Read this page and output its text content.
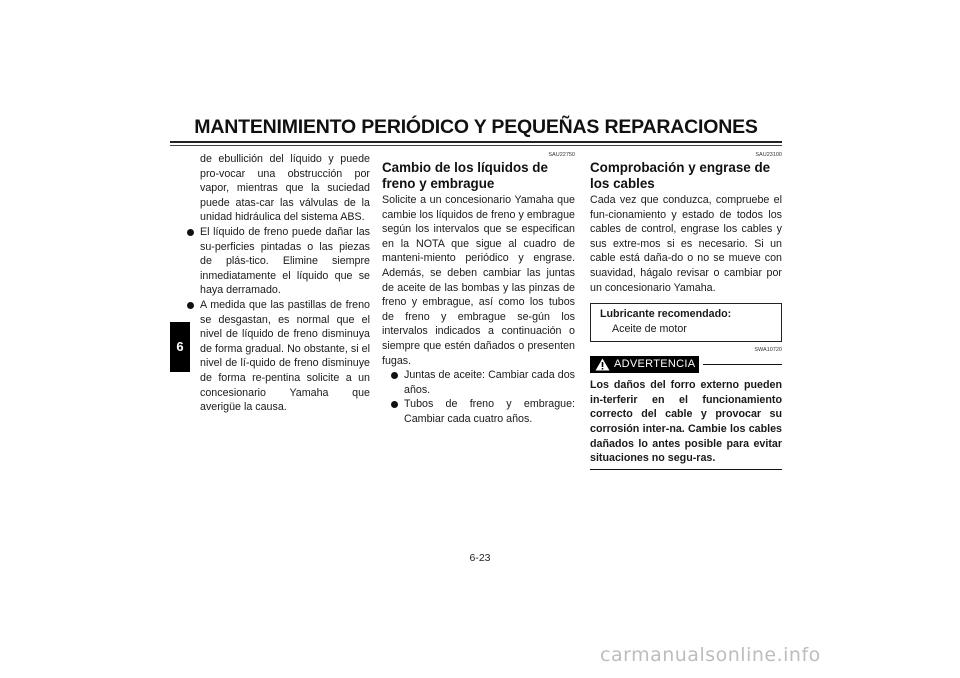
MANTENIMIENTO PERIÓDICO Y PEQUEÑAS REPARACIONES
6

de ebullición del líquido y puede pro-vocar una obstrucción por vapor, mientras que la suciedad puede atas-car las válvulas de la unidad hidráulica del sistema ABS.

El líquido de freno puede dañar las su-perficies pintadas o las piezas de plás-tico. Elimine siempre inmediatamente el líquido que se haya derramado.
A medida que las pastillas de freno se desgastan, es normal que el nivel de líquido de freno disminuya de forma gradual. No obstante, si el nivel de lí-quido de freno disminuye de forma re-pentina solicite a un concesionario Yamaha que averigüe la causa.

SAU22750

Cambio de los líquidos de freno y embrague

Solicite a un concesionario Yamaha que cambie los líquidos de freno y embrague según los intervalos que se especifican en la NOTA que sigue al cuadro de manteni-miento periódico y engrase. Además, se deben cambiar las juntas de aceite de las bombas y las pinzas de freno y embrague, así como los tubos de freno y embrague se-gún los intervalos indicados a continuación o siempre que estén dañados o presenten fugas.

Juntas de aceite: Cambiar cada dos años.
Tubos de freno y embrague: Cambiar cada cuatro años.

SAU23100

Comprobación y engrase de los cables

Cada vez que conduzca, compruebe el fun-cionamiento y estado de todos los cables de control, engrase los cables y sus extre-mos si es necesario. Si un cable está daña-do o no se mueve con suavidad, hágalo revisar o cambiar por un concesionario Yamaha.

Lubricante recomendado:
Aceite de motor

SWA10720

ADVERTENCIA

Los daños del forro externo pueden in-terferir en el funcionamiento correcto del cable y provocar su corrosión inter-na. Cambie los cables dañados lo antes posible para evitar situaciones no segu-ras.

6-23
carmanualsonline.info
